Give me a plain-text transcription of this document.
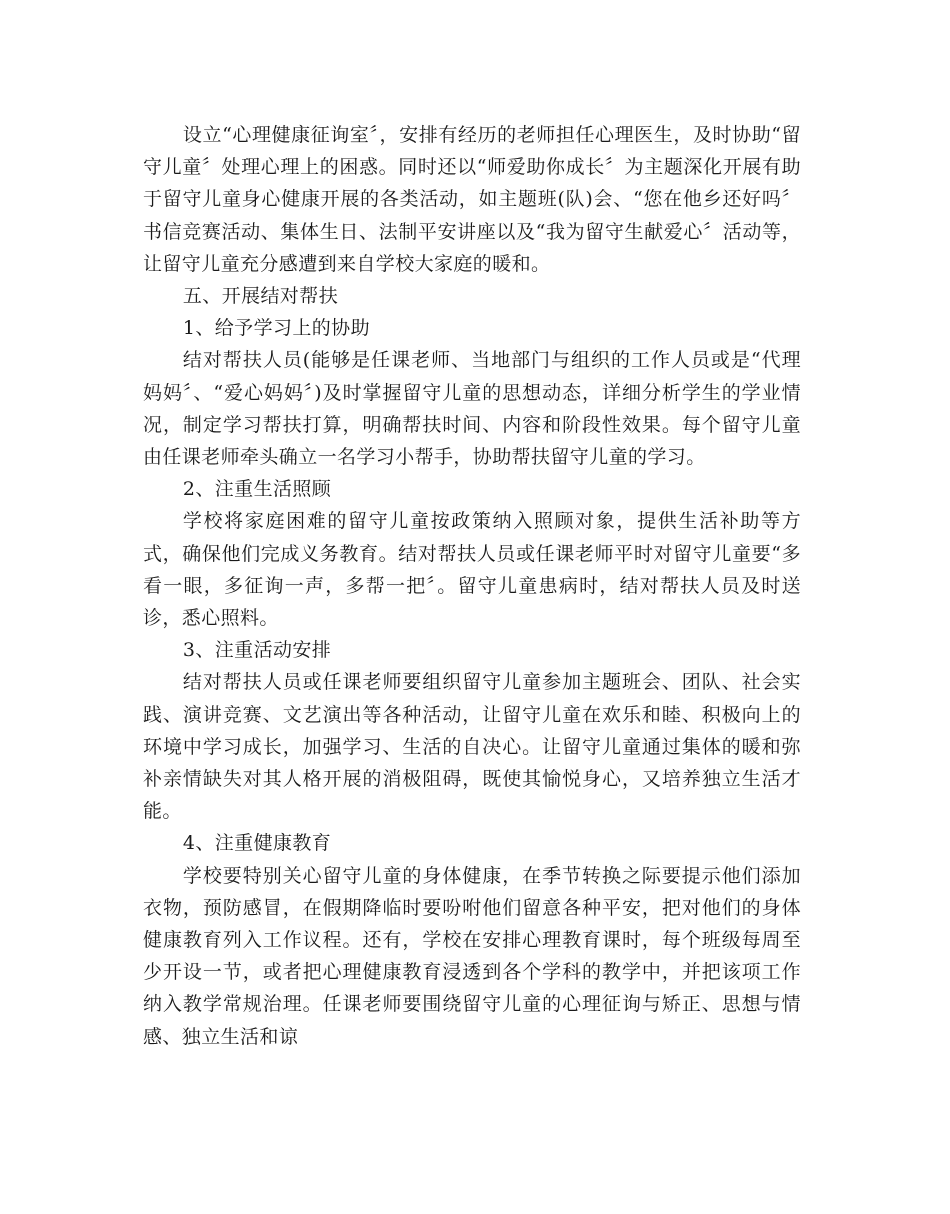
设立“心理健康征询室〞，安排有经历的老师担任心理医生，及时协助“留守儿童〞处理心理上的困惑。同时还以“师爱助你成长〞为主题深化开展有助于留守儿童身心健康开展的各类活动，如主题班(队)会、“您在他乡还好吗〞书信竞赛活动、集体生日、法制平安讲座以及“我为留守生献爱心〞活动等，让留守儿童充分感遭到来自学校大家庭的暖和。

五、开展结对帮扶

1、给予学习上的协助

结对帮扶人员(能够是任课老师、当地部门与组织的工作人员或是“代理妈妈〞、“爱心妈妈〞)及时掌握留守儿童的思想动态，详细分析学生的学业情况，制定学习帮扶打算，明确帮扶时间、内容和阶段性效果。每个留守儿童由任课老师牵头确立一名学习小帮手，协助帮扶留守儿童的学习。

2、注重生活照顾

学校将家庭困难的留守儿童按政策纳入照顾对象，提供生活补助等方式，确保他们完成义务教育。结对帮扶人员或任课老师平时对留守儿童要“多看一眼，多征询一声，多帮一把〞。留守儿童患病时，结对帮扶人员及时送诊，悉心照料。

3、注重活动安排

结对帮扶人员或任课老师要组织留守儿童参加主题班会、团队、社会实践、演讲竞赛、文艺演出等各种活动，让留守儿童在欢乐和睦、积极向上的环境中学习成长，加强学习、生活的自决心。让留守儿童通过集体的暖和弥补亲情缺失对其人格开展的消极阻碍，既使其愉悦身心，又培养独立生活才能。

4、注重健康教育

学校要特别关心留守儿童的身体健康，在季节转换之际要提示他们添加衣物，预防感冒，在假期降临时要吩咐他们留意各种平安，把对他们的身体健康教育列入工作议程。还有，学校在安排心理教育课时，每个班级每周至少开设一节，或者把心理健康教育浸透到各个学科的教学中，并把该项工作纳入教学常规治理。任课老师要围绕留守儿童的心理征询与矫正、思想与情感、独立生活和谅
